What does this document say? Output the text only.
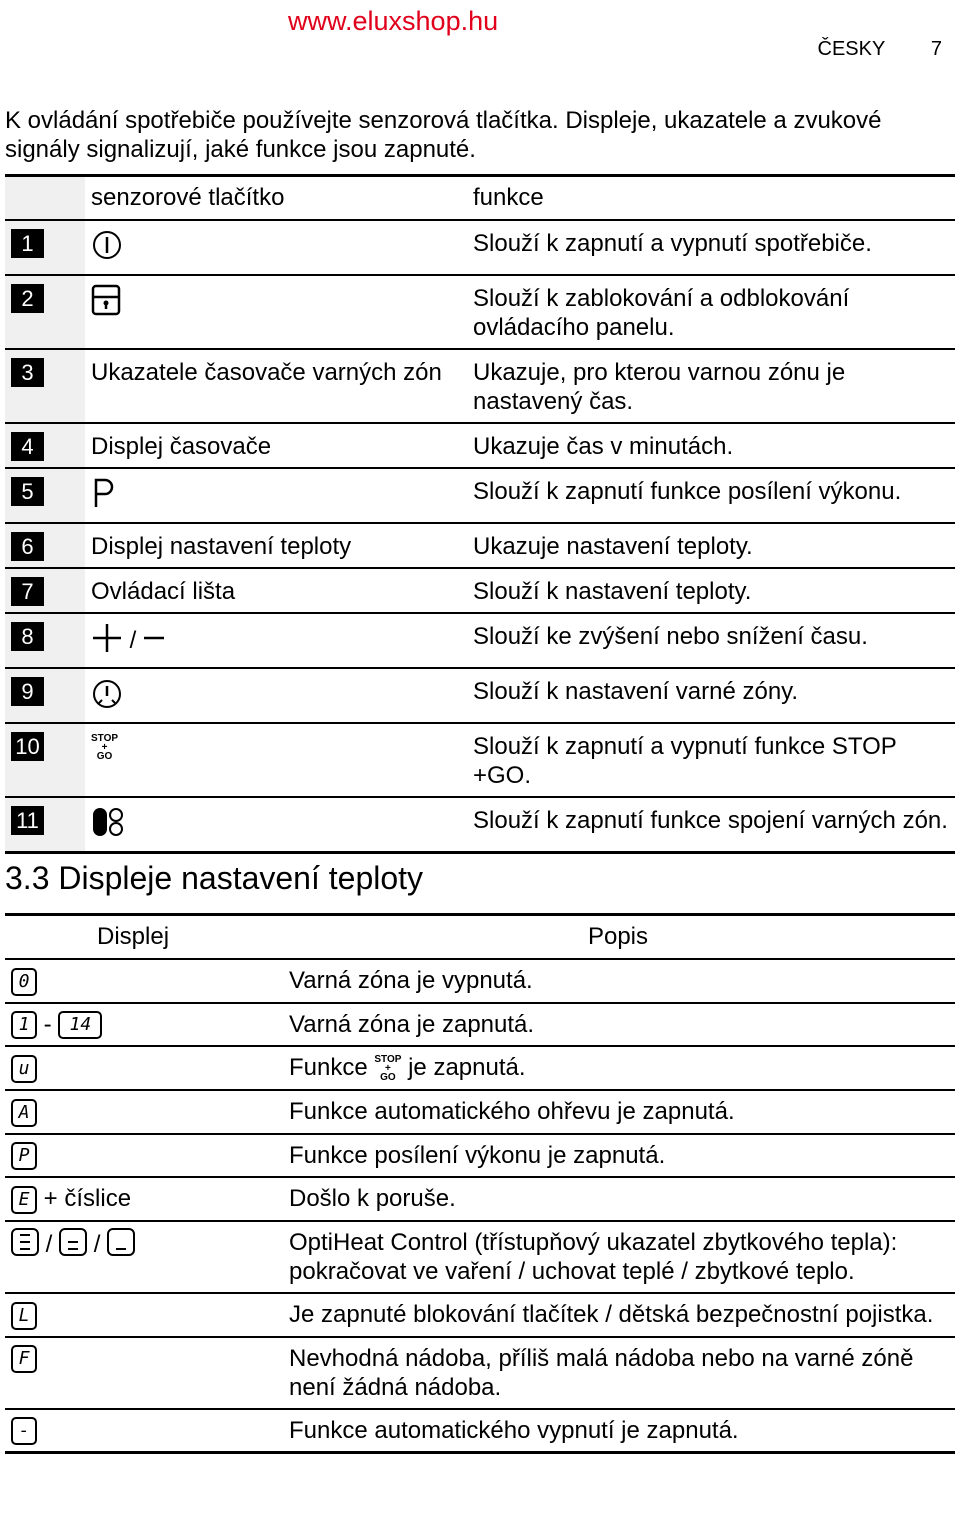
www.eluxshop.hu
ČESKY 7
K ovládání spotřebiče používejte senzorová tlačítka. Displeje, ukazatele a zvukové signály signalizují, jaké funkce jsou zapnuté.
	senzorové tlačítko	funkce
1		Slouží k zapnutí a vypnutí spotřebiče.
2		Slouží k zablokování a odblokování ovládacího panelu.
3	Ukazatele časovače varných zón	Ukazuje, pro kterou varnou zónu je nastavený čas.
4	Displej časovače	Ukazuje čas v minutách.
5		Slouží k zapnutí funkce posílení výkonu.
6	Displej nastavení teploty	Ukazuje nastavení teploty.
7	Ovládací lišta	Slouží k nastavení teploty.
8	/	Slouží ke zvýšení nebo snížení času.
9		Slouží k nastavení varné zóny.
10	STOP
+
GO	Slouží k zapnutí a vypnutí funkce STOP +GO.
11		Slouží k zapnutí funkce spojení varných zón.
3.3 Displeje nastavení teploty
Displej	Popis
0	Varná zóna je vypnutá.
1 - 14	Varná zóna je zapnutá.
u	Funkce STOP
+
GO je zapnutá.
A	Funkce automatického ohřevu je zapnutá.
P	Funkce posílení výkonu je zapnutá.
E + číslice	Došlo k poruše.
/ /	OptiHeat Control (třístupňový ukazatel zbytkového tepla): pokračovat ve vaření / uchovat teplé / zbytkové teplo.
L	Je zapnuté blokování tlačítek / dětská bezpečnostní pojistka.
F	Nevhodná nádoba, příliš malá nádoba nebo na varné zóně není žádná nádoba.
-	Funkce automatického vypnutí je zapnutá.
